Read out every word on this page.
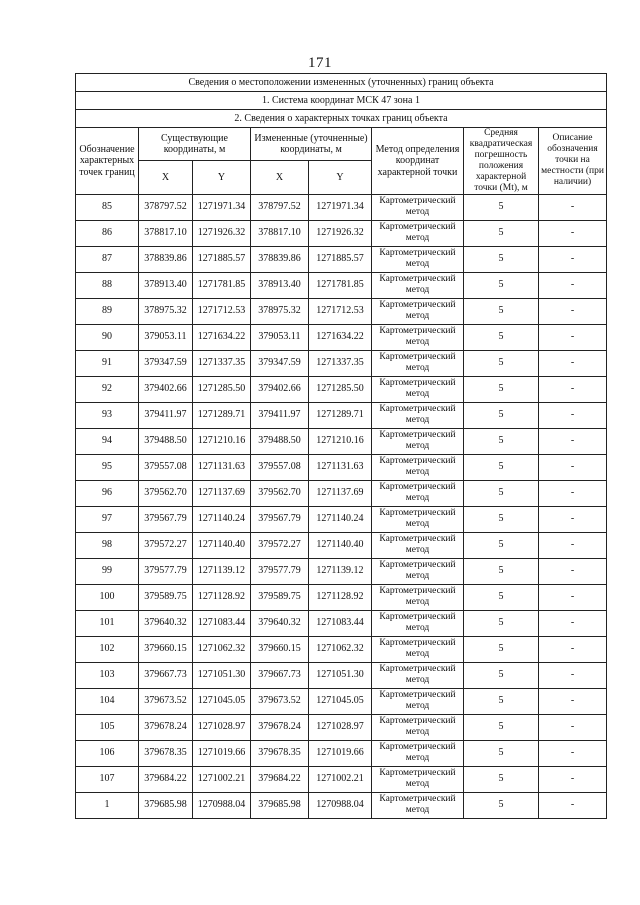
171
Сведения о местоположении измененных (уточненных) границ объекта							
1. Система координат МСК 47 зона 1							
2. Сведения о характерных точках границ объекта							
Обозначение характерных точек границ	Существующие координаты, м		Измененные (уточненные) координаты, м		Метод определения координат характерной точки	Средняя квадратическая погрешность положения характерной точки (Mt), м	Описание обозначения точки на местности (при наличии)
	X	Y	X	Y			
85	378797.52	1271971.34	378797.52	1271971.34	Картометрический метод	5	-
86	378817.10	1271926.32	378817.10	1271926.32	Картометрический метод	5	-
87	378839.86	1271885.57	378839.86	1271885.57	Картометрический метод	5	-
88	378913.40	1271781.85	378913.40	1271781.85	Картометрический метод	5	-
89	378975.32	1271712.53	378975.32	1271712.53	Картометрический метод	5	-
90	379053.11	1271634.22	379053.11	1271634.22	Картометрический метод	5	-
91	379347.59	1271337.35	379347.59	1271337.35	Картометрический метод	5	-
92	379402.66	1271285.50	379402.66	1271285.50	Картометрический метод	5	-
93	379411.97	1271289.71	379411.97	1271289.71	Картометрический метод	5	-
94	379488.50	1271210.16	379488.50	1271210.16	Картометрический метод	5	-
95	379557.08	1271131.63	379557.08	1271131.63	Картометрический метод	5	-
96	379562.70	1271137.69	379562.70	1271137.69	Картометрический метод	5	-
97	379567.79	1271140.24	379567.79	1271140.24	Картометрический метод	5	-
98	379572.27	1271140.40	379572.27	1271140.40	Картометрический метод	5	-
99	379577.79	1271139.12	379577.79	1271139.12	Картометрический метод	5	-
100	379589.75	1271128.92	379589.75	1271128.92	Картометрический метод	5	-
101	379640.32	1271083.44	379640.32	1271083.44	Картометрический метод	5	-
102	379660.15	1271062.32	379660.15	1271062.32	Картометрический метод	5	-
103	379667.73	1271051.30	379667.73	1271051.30	Картометрический метод	5	-
104	379673.52	1271045.05	379673.52	1271045.05	Картометрический метод	5	-
105	379678.24	1271028.97	379678.24	1271028.97	Картометрический метод	5	-
106	379678.35	1271019.66	379678.35	1271019.66	Картометрический метод	5	-
107	379684.22	1271002.21	379684.22	1271002.21	Картометрический метод	5	-
1	379685.98	1270988.04	379685.98	1270988.04	Картометрический метод	5	-
